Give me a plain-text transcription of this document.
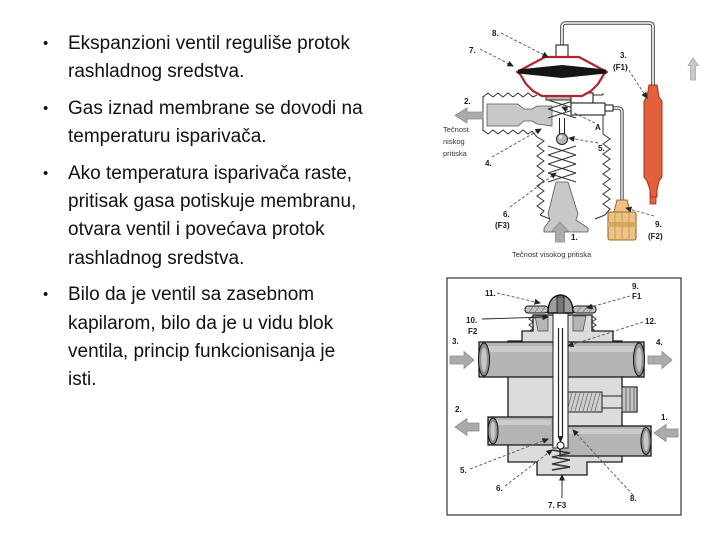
•	Ekspanzioni ventil reguliše protok
rashladnog sredstva.
•	Gas iznad membrane se dovodi na
temperaturu isparivača.
•	Ako temperatura isparivača raste,
pritisak gasa potiskuje membranu,
otvara ventil i povećava protok
rashladnog sredstva.
•	Bilo da je ventil sa zasebnom
kapilarom, bilo da je u vidu blok
ventila, princip funkcionisanja je
isti.
8.
7.
2.
4.
A
5.
6.
(F3)
1.
3.
(F1)
9.
(F2)
Tečnost
niskog
pritiska
Tečnost visokog pritiska
11.
9.
F1
10.
F2
12.
3.	4.
2.
1.
5.
6.
7. F3
8.
